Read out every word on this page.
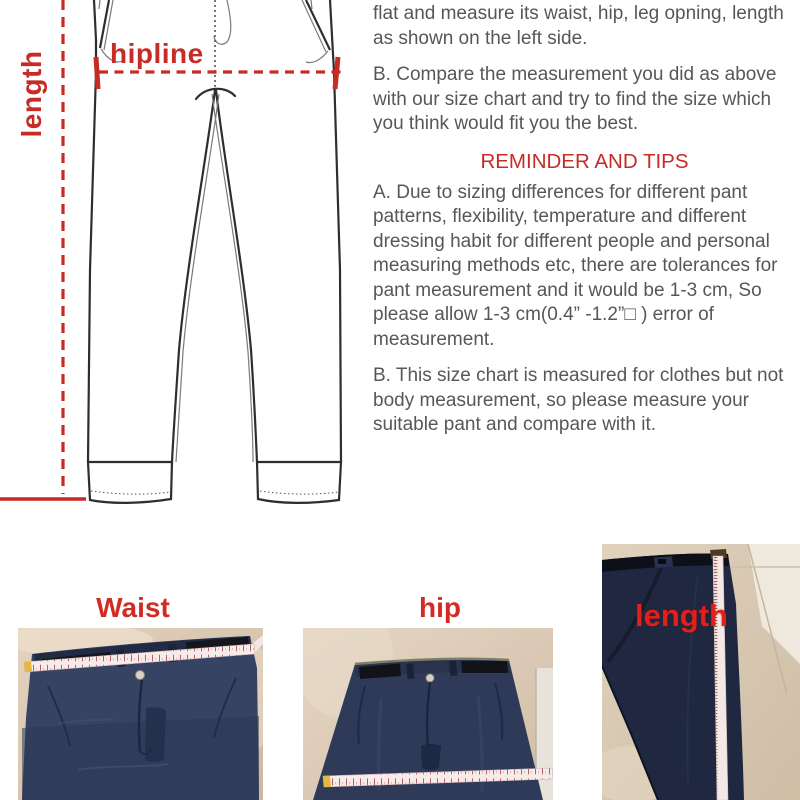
hipline
length

flat and measure its waist, hip, leg opning, length as shown on the left side.

B. Compare the measurement you did as above with our size chart and try to find the size which you think would fit you the best.

REMINDER AND TIPS

A. Due to sizing differences for different pant patterns, flexibility, temperature and different dressing habit for different people and personal measuring methods etc, there are tolerances for pant measurement and it would be 1-3 cm, So please allow 1-3 cm(0.4” -1.2”□ ) error of measurement.

B. This size chart is measured for clothes but not body measurement, so please measure your suitable pant and compare with it.

Waist	hip	length
